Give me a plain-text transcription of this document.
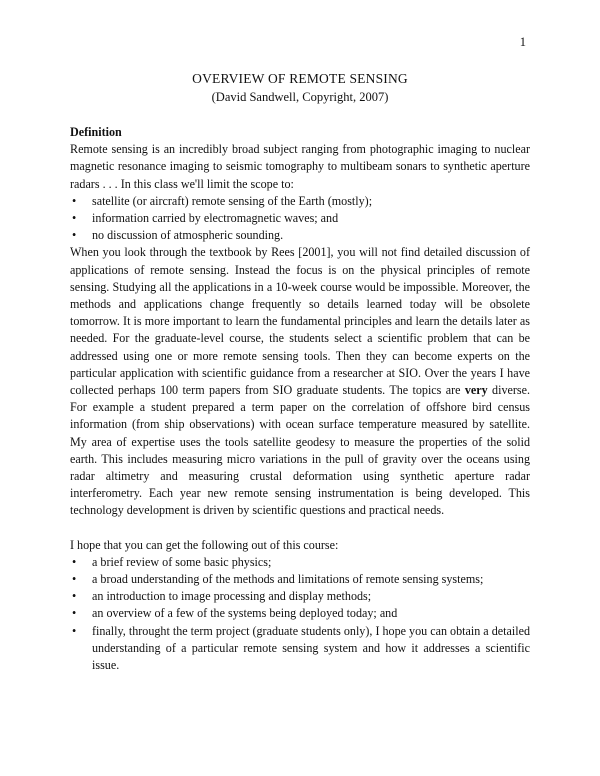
1
OVERVIEW OF REMOTE SENSING
(David Sandwell, Copyright, 2007)
Definition

Remote sensing is an incredibly broad subject ranging from photographic imaging to nuclear magnetic resonance imaging to seismic tomography to multibeam sonars to synthetic aperture radars . . . In this class we'll limit the scope to:

• satellite (or aircraft) remote sensing of the Earth (mostly);
• information carried by electromagnetic waves; and
• no discussion of atmospheric sounding.

When you look through the textbook by Rees [2001], you will not find detailed discussion of applications of remote sensing. Instead the focus is on the physical principles of remote sensing. Studying all the applications in a 10-week course would be impossible. Moreover, the methods and applications change frequently so details learned today will be obsolete tomorrow. It is more important to learn the fundamental principles and learn the details later as needed. For the graduate-level course, the students select a scientific problem that can be addressed using one or more remote sensing tools. Then they can become experts on the particular application with scientific guidance from a researcher at SIO. Over the years I have collected perhaps 100 term papers from SIO graduate students. The topics are very diverse. For example a student prepared a term paper on the correlation of offshore bird census information (from ship observations) with ocean surface temperature measured by satellite. My area of expertise uses the tools satellite geodesy to measure the properties of the solid earth. This includes measuring micro variations in the pull of gravity over the oceans using radar altimetry and measuring crustal deformation using synthetic aperture radar interferometry. Each year new remote sensing instrumentation is being developed. This technology development is driven by scientific questions and practical needs.

I hope that you can get the following out of this course:

• a brief review of some basic physics;
• a broad understanding of the methods and limitations of remote sensing systems;
• an introduction to image processing and display methods;
• an overview of a few of the systems being deployed today; and
• finally, throught the term project (graduate students only), I hope you can obtain a detailed understanding of a particular remote sensing system and how it addresses a scientific issue.
